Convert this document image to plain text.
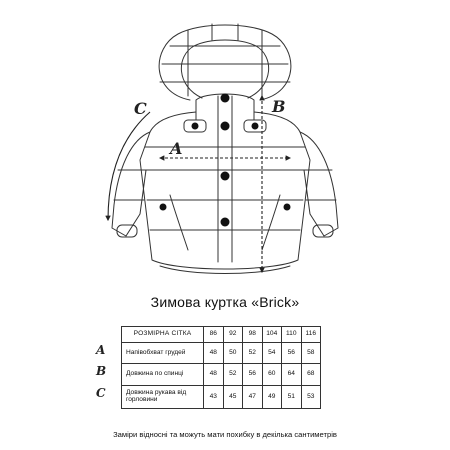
A
B
C
Зимова куртка «Brick»
РОЗМІРНА СІТКА	86	92	98	104	110	116
Напівобхват грудей	48	50	52	54	56	58
Довжина по спинці	48	52	56	60	64	68
Довжина рукава від горловини	43	45	47	49	51	53
A
B
C
Заміри відносні та можуть мати похибку в декілька сантиметрів
